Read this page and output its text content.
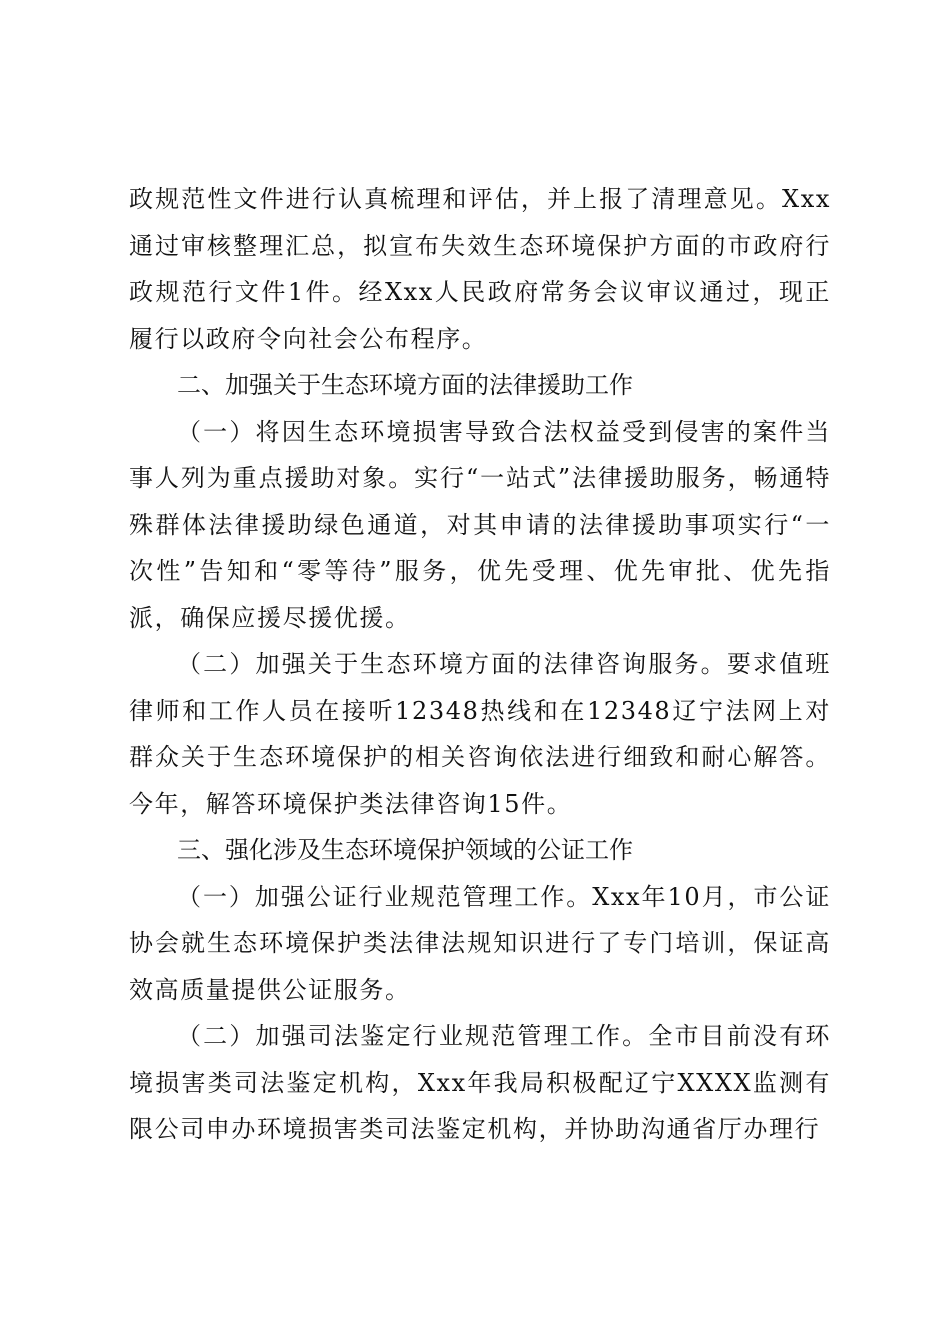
政规范性文件进行认真梳理和评估，并上报了清理意见。Xxx通过审核整理汇总，拟宣布失效生态环境保护方面的市政府行政规范行文件1件。经Xxx人民政府常务会议审议通过，现正履行以政府令向社会公布程序。

二、加强关于生态环境方面的法律援助工作

（一）将因生态环境损害导致合法权益受到侵害的案件当事人列为重点援助对象。实行“一站式”法律援助服务，畅通特殊群体法律援助绿色通道，对其申请的法律援助事项实行“一次性”告知和“零等待”服务，优先受理、优先审批、优先指派，确保应援尽援优援。

（二）加强关于生态环境方面的法律咨询服务。要求值班律师和工作人员在接听12348热线和在12348辽宁法网上对群众关于生态环境保护的相关咨询依法进行细致和耐心解答。今年，解答环境保护类法律咨询15件。

三、强化涉及生态环境保护领域的公证工作

（一）加强公证行业规范管理工作。Xxx年10月，市公证协会就生态环境保护类法律法规知识进行了专门培训，保证高效高质量提供公证服务。

（二）加强司法鉴定行业规范管理工作。全市目前没有环境损害类司法鉴定机构，Xxx年我局积极配辽宁XXXX监测有限公司申办环境损害类司法鉴定机构，并协助沟通省厅办理行
